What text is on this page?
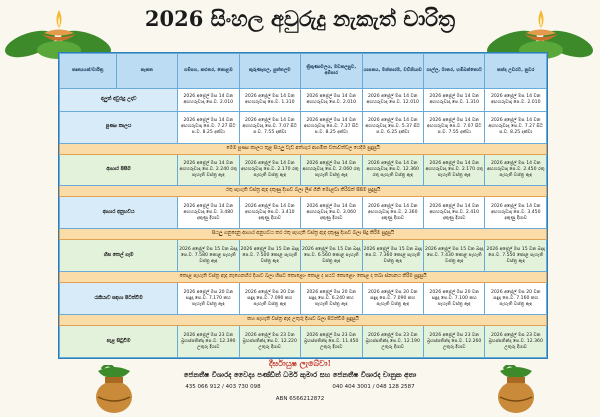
2026 සිංහල අවුරුදු නැකැත් චාරිත්‍ර
කෘත්‍යයන්/චාරිත්‍ර	නැකත	ගම්පහ, කළුතර, කොළඹ	කුරුණෑගල, පුත්තලම	ත්‍රිකුණාමලය, මඩකලපුව, අම්පාර	යාපනය, මන්නාරම, වව්නියාව	ගාල්ල, මාතර, හම්බන්තොට	කන්ද උඩරට, නුවර
අලුත් අවුරුදු උදාව		2026 අප්‍රේල් මස 14 වන අඟහරුවාදා පෙ.ව. 2.010	2026 අප්‍රේල් මස 14 වන අඟහරුවාදා පෙ.ව. 1.310	2026 අප්‍රේල් මස 14 වන අඟහරුවාදා පෙ.ව. 2.010	2026 අප්‍රේල් මස 14 වන අඟහරුවාදා පෙ.ව. 12.010	2026 අප්‍රේල් මස 14 වන අඟහරුවාදා පෙ.ව. 1.310	2026 අප්‍රේල් මස 14 වන අඟහරුවාදා පෙ.ව. 2.010
පුණ්‍ය කාලය		2026 අප්‍රේල් මස 14 වන අඟහරුවාදා පෙ.ව. 7.27 සිට ප.ව. 8.25 දක්වා	2026 අප්‍රේල් මස 14 වන අඟහරුවාදා පෙ.ව. 7.07 සිට ප.ව. 7.55 දක්වා	2026 අප්‍රේල් මස 14 වන අඟහරුවාදා පෙ.ව. 7.37 සිට ප.ව. 8.25 දක්වා	2026 අප්‍රේල් මස 14 වන අඟහරුවාදා පෙ.ව. 5.37 සිට ප.ව. 6.25 දක්වා	2026 අප්‍රේල් මස 14 වන අඟහරුවාදා පෙ.ව. 7.07 සිට ප.ව. 7.55 දක්වා	2026 අප්‍රේල් මස 14 වන අඟහරුවාදා පෙ.ව. 7.27 සිට ප.ව. 8.25 දක්වා
මෙම පුණ්‍ය කාලය තුළ සියලු වැඩ අත්හැර ආගමික වතාවත්වල යෙදීම සුදුසුයි							
ආහාර පිසීම		2026 අප්‍රේල් මස 14 වන අඟහරුවාදා පෙ.ව. 2.240 රතු පැහැති වස්ත්‍ර ඇඳ	2026 අප්‍රේල් මස 14 වන අඟහරුවාදා පෙ.ව. 2.170 රතු පැහැති වස්ත්‍ර ඇඳ	2026 අප්‍රේල් මස 14 වන අඟහරුවාදා පෙ.ව. 2.060 රතු පැහැති වස්ත්‍ර ඇඳ	2026 අප්‍රේල් මස 14 වන අඟහරුවාදා පෙ.ව. 12.360 රතු පැහැති වස්ත්‍ර ඇඳ	2026 අප්‍රේල් මස 14 වන අඟහරුවාදා පෙ.ව. 2.170 රතු පැහැති වස්ත්‍ර ඇඳ	2026 අප්‍රේල් මස 14 වන අඟහරුවාදා පෙ.ව. 2.450 රතු පැහැති වස්ත්‍ර ඇඳ
රතු පැහැති වස්ත්‍ර ඇඳ දකුණු දිශාව බලා ලිප් ගිනි මොළවා කිරිබත් පිසීම සුදුසුයි							
ආහාර අනුභවය		2026 අප්‍රේල් මස 14 වන අඟහරුවාදා පෙ.ව. 3.480 දකුණු දිශාව	2026 අප්‍රේල් මස 14 වන අඟහරුවාදා පෙ.ව. 3.410 දකුණු දිශාව	2026 අප්‍රේල් මස 14 වන අඟහරුවාදා පෙ.ව. 3.060 දකුණු දිශාව	2026 අප්‍රේල් මස 14 වන අඟහරුවාදා පෙ.ව. 2.360 දකුණු දිශාව	2026 අප්‍රේල් මස 14 වන අඟහරුවාදා පෙ.ව. 2.410 දකුණු දිශාව	2026 අප්‍රේල් මස 14 වන අඟහරුවාදා පෙ.ව. 3.450 දකුණු දිශාව
සියලු ගනුදෙනු ආහාර අනුභවය කර රතු පැහැති වස්ත්‍ර ඇඳ දකුණු දිශාව බලා සිදු කිරීම සුදුසුයි							
හිස තෙල් ගෑම		2026 අප්‍රේල් මස 15 වන බදාදා පෙ.ව. 7.580 කොළ පැහැති වස්ත්‍ර ඇඳ	2026 අප්‍රේල් මස 15 වන බදාදා පෙ.ව. 7.500 කොළ පැහැති වස්ත්‍ර ඇඳ	2026 අප්‍රේල් මස 15 වන බදාදා පෙ.ව. 6.560 කොළ පැහැති වස්ත්‍ර ඇඳ	2026 අප්‍රේල් මස 15 වන බදාදා පෙ.ව. 7.360 කොළ පැහැති වස්ත්‍ර ඇඳ	2026 අප්‍රේල් මස 15 වන බදාදා පෙ.ව. 7.430 කොළ පැහැති වස්ත්‍ර ඇඳ	2026 අප්‍රේල් මස 15 වන බදාදා පෙ.ව. 7.550 කොළ පැහැති වස්ත්‍ර ඇඳ
කොළ පැහැති වස්ත්‍ර ඇඳ නැගෙනහිර දිශාව බලා හිසට කොළොං කොළ ද පයට කොළොං කොළ ද තබා ස්නානය කිරීම සුදුසුයි							
රැකියාව සඳහා පිටත්වීම		2026 අප්‍රේල් මස 20 වන සඳුදා පෙ.ව. 7.170 කහ පැහැති වස්ත්‍ර ඇඳ	2026 අප්‍රේල් මස 20 වන සඳුදා පෙ.ව. 7.090 කහ පැහැති වස්ත්‍ර ඇඳ	2026 අප්‍රේල් මස 20 වන සඳුදා පෙ.ව. 6.240 කහ පැහැති වස්ත්‍ර ඇඳ	2026 අප්‍රේල් මස 20 වන සඳුදා පෙ.ව. 7.090 කහ පැහැති වස්ත්‍ර ඇඳ	2026 අප්‍රේල් මස 20 වන සඳුදා පෙ.ව. 7.100 කහ පැහැති වස්ත්‍ර ඇඳ	2026 අප්‍රේල් මස 20 වන සඳුදා පෙ.ව. 7.160 කහ පැහැති වස්ත්‍ර ඇඳ
කහ පැහැති වස්ත්‍ර ඇඳ උතුරු දිශාව බලා පිටත්වීම සුදුසුයි							
පැළ සිටුවීම		2026 අප්‍රේල් මස 23 වන බ්‍රහස්පතින්දා පෙ.ව. 12.390 උතුරු දිශාව	2026 අප්‍රේල් මස 23 වන බ්‍රහස්පතින්දා පෙ.ව. 12.220 උතුරු දිශාව	2026 අප්‍රේල් මස 23 වන බ්‍රහස්පතින්දා පෙ.ව. 11.450 උතුරු දිශාව	2026 අප්‍රේල් මස 23 වන බ්‍රහස්පතින්දා පෙ.ව. 12.190 උතුරු දිශාව	2026 අප්‍රේල් මස 23 වන බ්‍රහස්පතින්දා පෙ.ව. 12.260 උතුරු දිශාව	2026 අප්‍රේල් මස 23 වන බ්‍රහස්පතින්දා පෙ.ව. 12.360 උතුරු දිශාව
දීර්ඝායුෂ ලැබේවා!
ජෙනතීෂ විශාරද වෛද්‍ය පණ්ඩිත් ධර්ම කුමාර සහ ජෙනතීෂ විශාරද චානුක අතා
435 066 912 / 403 730 098	040 404 3001 / 048 128 2587
ABN 6566212872
